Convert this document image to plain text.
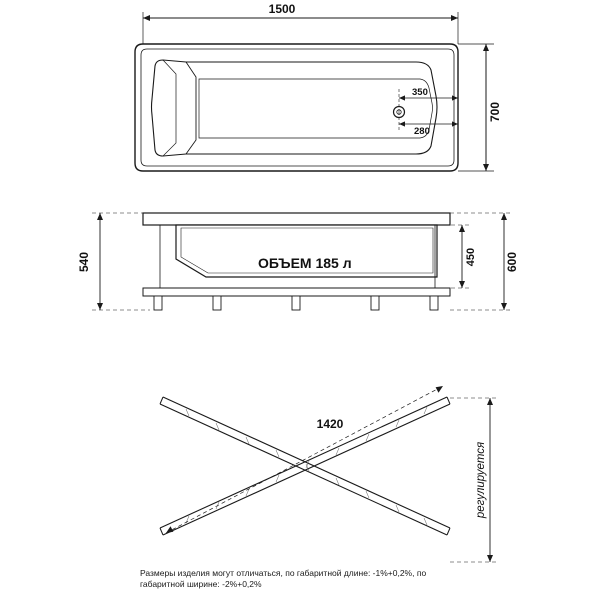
350
280
1500
700
ОБЪЕМ 185 л
540	450 600
1420
регулируется
Размеры изделия могут отличаться, по габаритной длине: -1%+0,2%, по
габаритной ширине: -2%+0,2%
